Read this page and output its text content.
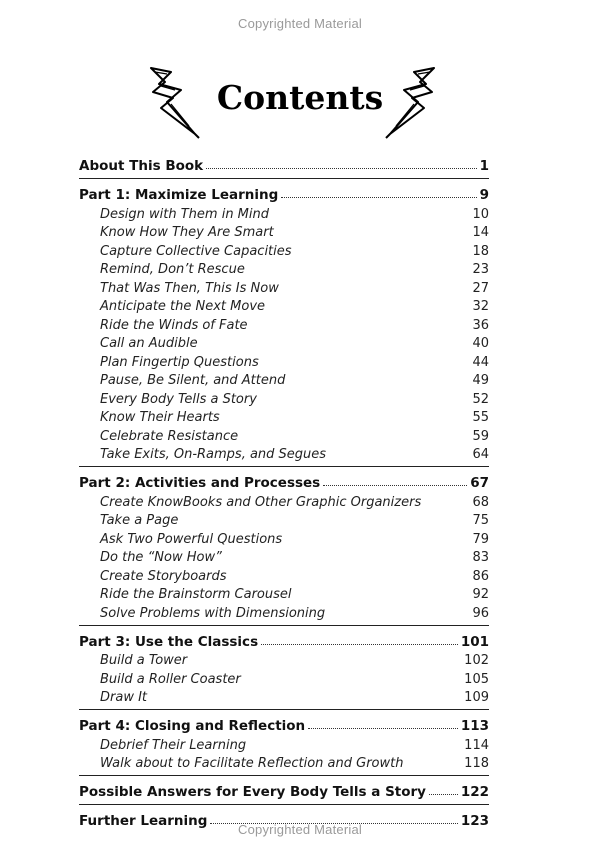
Copyrighted Material
Contents
About This Book	1
Part 1: Maximize Learning	9
Design with Them in Mind	10
Know How They Are Smart	14
Capture Collective Capacities	18
Remind, Don’t Rescue	23
That Was Then, This Is Now	27
Anticipate the Next Move	32
Ride the Winds of Fate	36
Call an Audible	40
Plan Fingertip Questions	44
Pause, Be Silent, and Attend	49
Every Body Tells a Story	52
Know Their Hearts	55
Celebrate Resistance	59
Take Exits, On-Ramps, and Segues	64
Part 2: Activities and Processes	67
Create KnowBooks and Other Graphic Organizers	68
Take a Page	75
Ask Two Powerful Questions	79
Do the “Now How”	83
Create Storyboards	86
Ride the Brainstorm Carousel	92
Solve Problems with Dimensioning	96
Part 3: Use the Classics	101
Build a Tower	102
Build a Roller Coaster	105
Draw It	109
Part 4: Closing and Reflection	113
Debrief Their Learning	114
Walk about to Facilitate Reflection and Growth	118
Possible Answers for Every Body Tells a Story	122
Further Learning	123
Copyrighted Material
